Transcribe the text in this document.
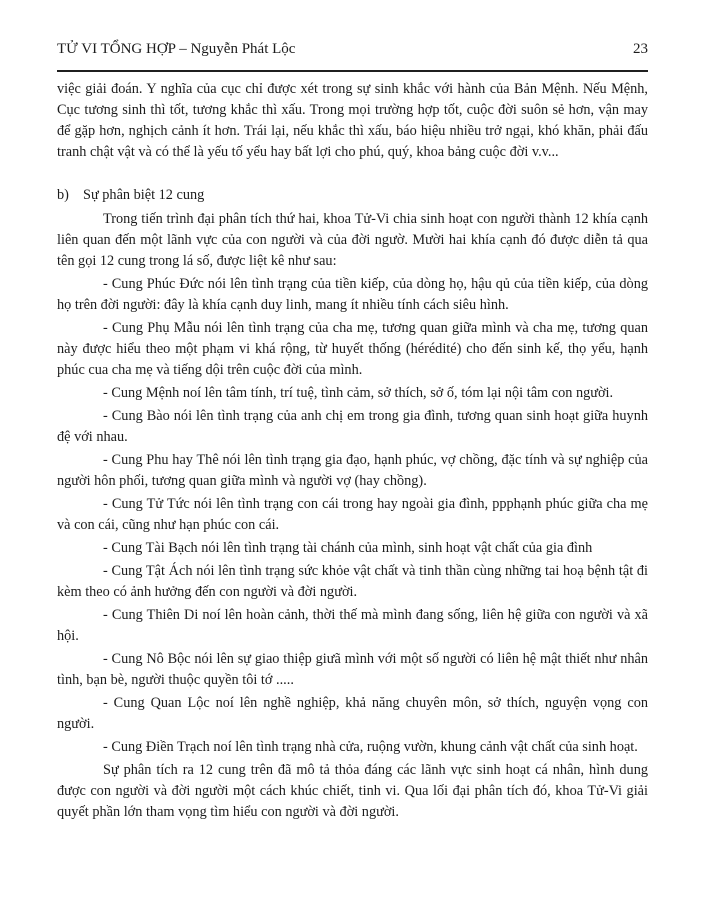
TỬ VI TỔNG HỢP – Nguyễn Phát Lộc	23

việc giải đoán. Y nghĩa của cục chỉ được xét trong sự sinh khắc với hành của Bản Mệnh. Nếu Mệnh, Cục tương sinh thì tốt, tương khắc thì xấu. Trong mọi trường hợp tốt, cuộc đời suôn sẻ hơn, vận may để gặp hơn, nghịch cảnh ít hơn. Trái lại, nếu khắc thì xấu, báo hiệu nhiều trở ngại, khó khăn, phải đấu tranh chật vật và có thể là yếu tố yểu hay bất lợi cho phú, quý, khoa bảng cuộc đời v.v...

b) Sự phân biệt 12 cung

Trong tiến trình đại phân tích thứ hai, khoa Tử-Vi chia sinh hoạt con người thành 12 khía cạnh liên quan đến một lãnh vực của con người và của đời ngườ. Mười hai khía cạnh đó được diễn tả qua tên gọi 12 cung trong lá số, được liệt kê như sau:

- Cung Phúc Đức nói lên tình trạng của tiền kiếp, của dòng họ, hậu qủ của tiền kiếp, của dòng họ trên đời người: đây là khía cạnh duy linh, mang ít nhiều tính cách siêu hình.

- Cung Phụ Mẫu nói lên tình trạng của cha mẹ, tương quan giữa mình và cha mẹ, tương quan này được hiểu theo một phạm vi khá rộng, từ huyết thống (hérédité) cho đến sinh kế, thọ yểu, hạnh phúc cua cha mẹ và tiếng dội trên cuộc đời của mình.

- Cung Mệnh noí lên tâm tính, trí tuệ, tình cảm, sở thích, sở ố, tóm lại nội tâm con người.

- Cung Bào nói lên tình trạng của anh chị em trong gia đình, tương quan sinh hoạt giữa huynh đệ với nhau.

- Cung Phu hay Thê nói lên tình trạng gia đạo, hạnh phúc, vợ chồng, đặc tính và sự nghiệp của người hôn phối, tương quan giữa mình và người vợ (hay chồng).

- Cung Tử Tức nói lên tình trạng con cái trong hay ngoài gia đình, ppphạnh phúc giữa cha mẹ và con cái, cũng như hạn phúc con cái.

- Cung Tài Bạch nói lên tình trạng tài chánh của mình, sinh hoạt vật chất của gia đình

- Cung Tật Ách nói lên tình trạng sức khỏe vật chất và tinh thần cùng những tai hoạ bệnh tật đi kèm theo có ảnh hưởng đến con người và đời người.

- Cung Thiên Di noí lên hoàn cảnh, thời thế mà mình đang sống, liên hệ giữa con người và xã hội.

- Cung Nô Bộc nói lên sự giao thiệp giưã mình với một số người có liên hệ mật thiết như nhân tình, bạn bè, người thuộc quyền tôi tớ .....

- Cung Quan Lộc noí lên nghề nghiệp, khả năng chuyên môn, sở thích, nguyện vọng con người.

- Cung Điền Trạch noí lên tình trạng nhà cửa, ruộng vườn, khung cảnh vật chất của sinh hoạt.

Sự phân tích ra 12 cung trên đã mô tả thỏa đáng các lãnh vực sinh hoạt cá nhân, hình dung được con người và đời người một cách khúc chiết, tinh vi. Qua lối đại phân tích đó, khoa Tử-Vi giải quyết phần lớn tham vọng tìm hiểu con người và đời người.
